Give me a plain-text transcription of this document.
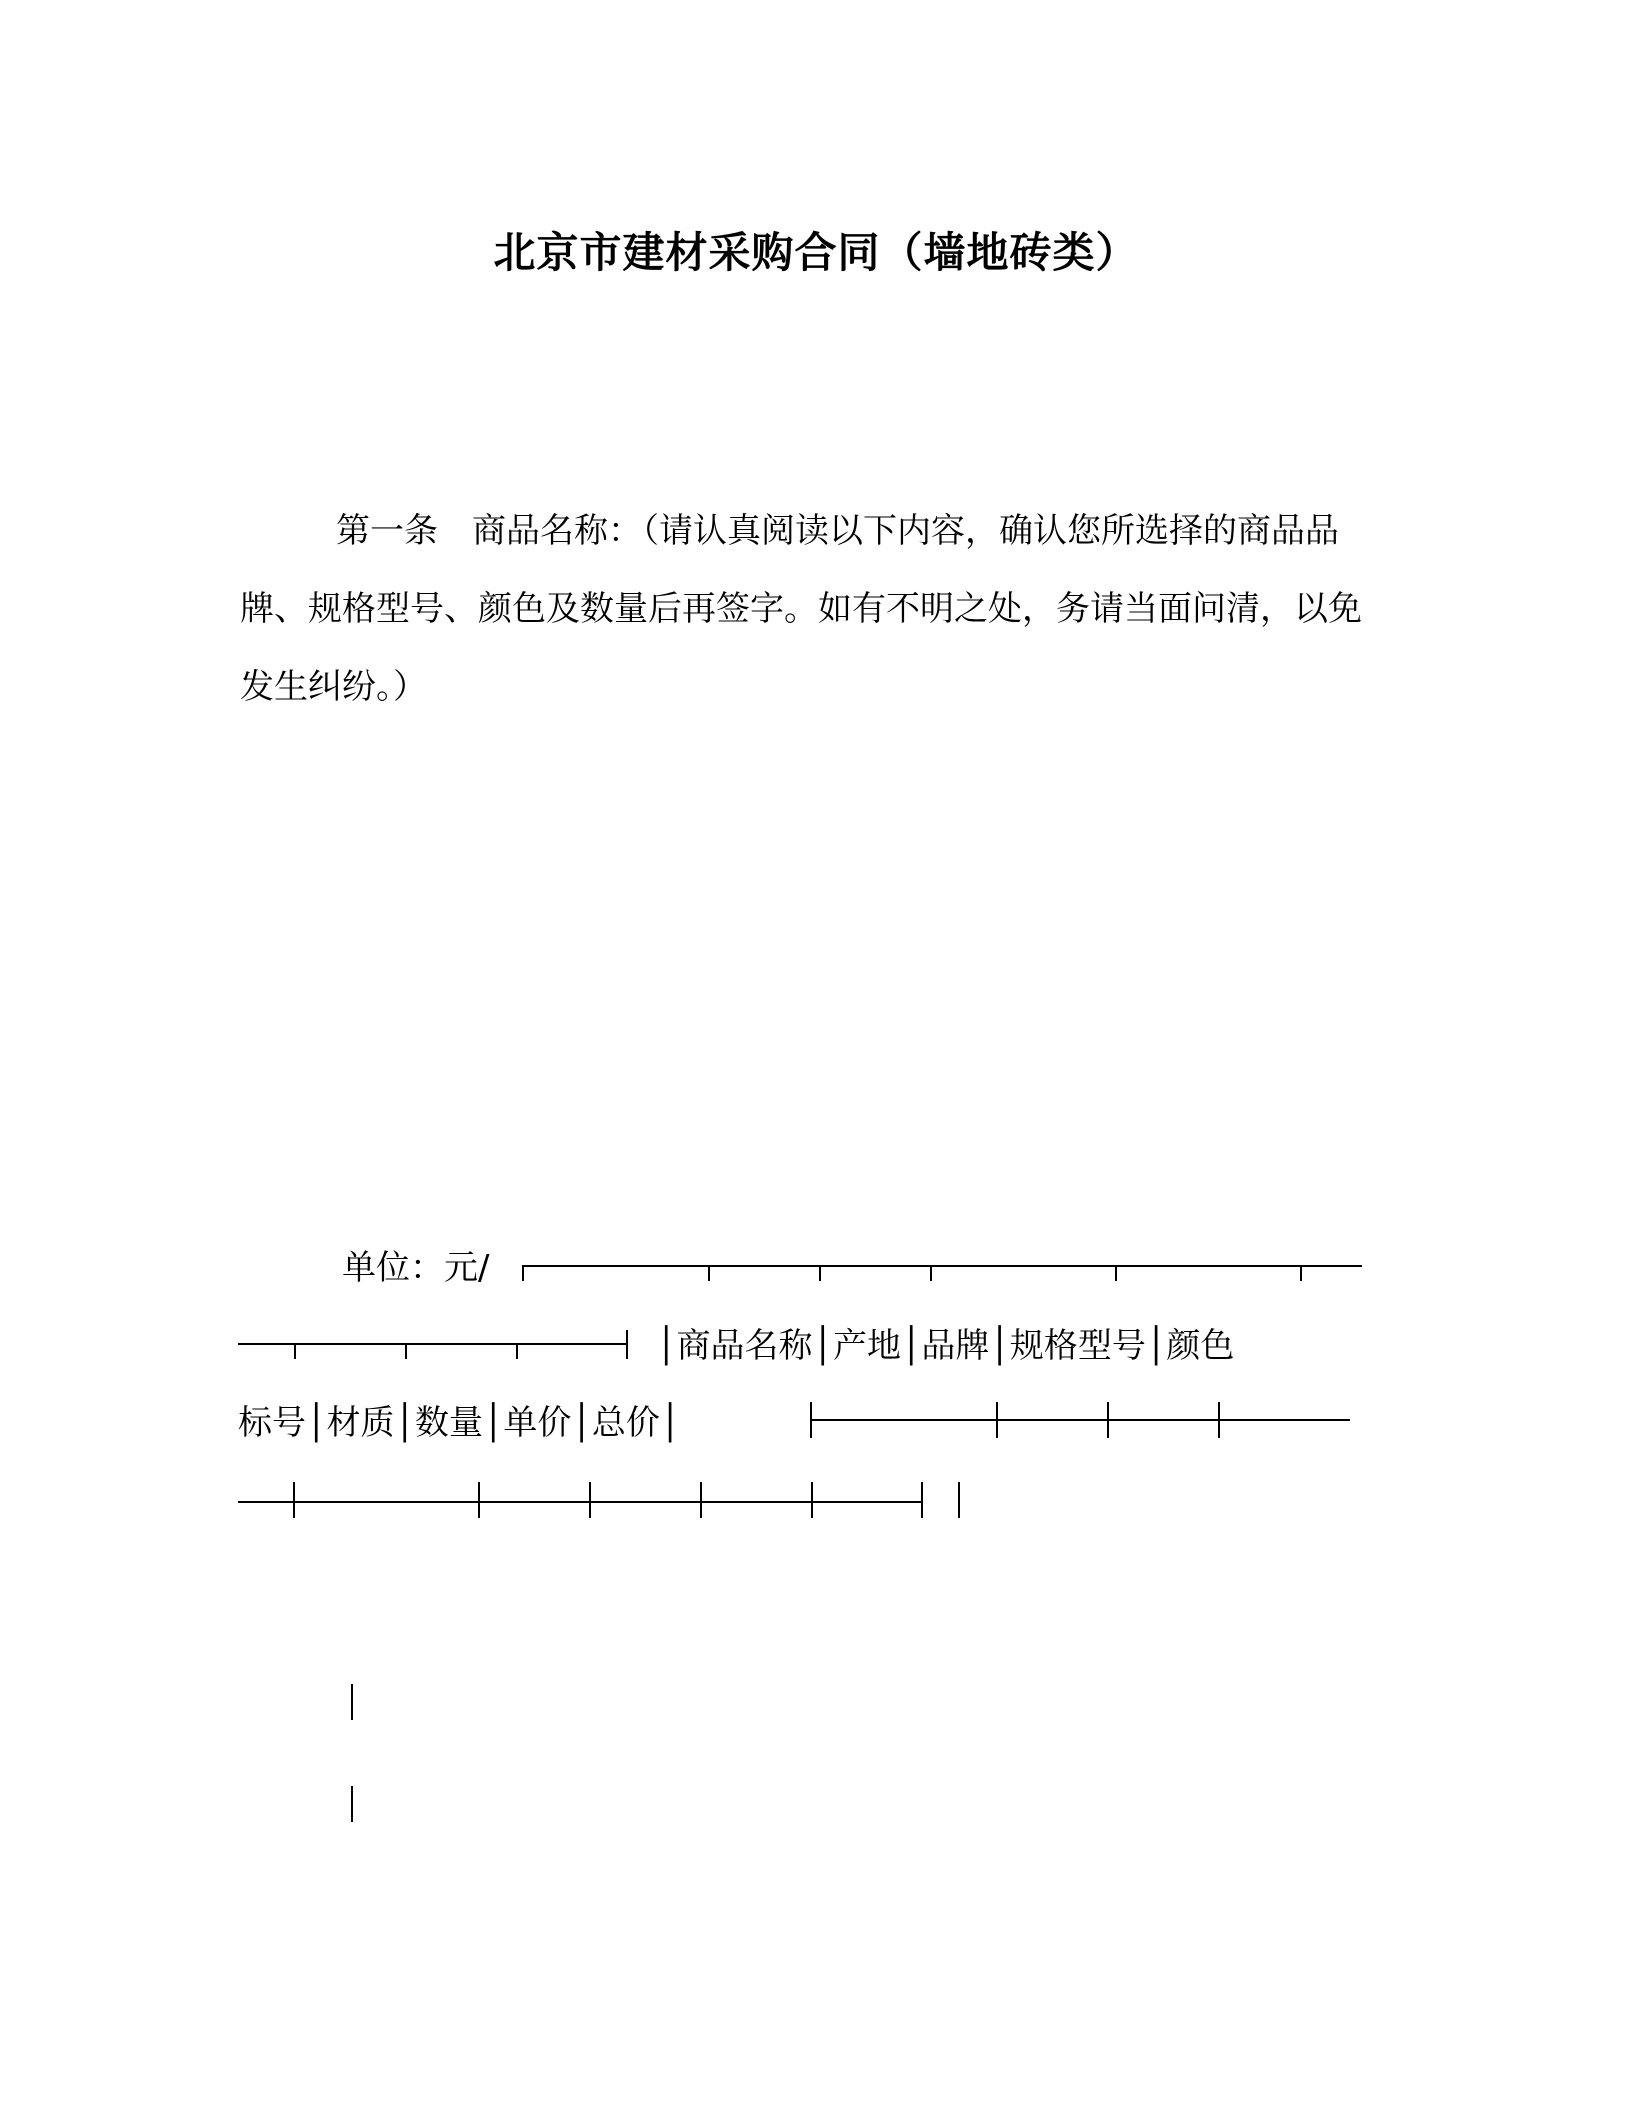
北京市建材采购合同（墙地砖类）

第一条　商品名称：（请认真阅读以下内容，确认您所选择的商品品牌、规格型号、颜色及数量后再签字。如有不明之处，务请当面问清，以免发生纠纷。）

单位：元/
│商品名称│产地│品牌│规格型号│颜色
标号│材质│数量│单价│总价│
